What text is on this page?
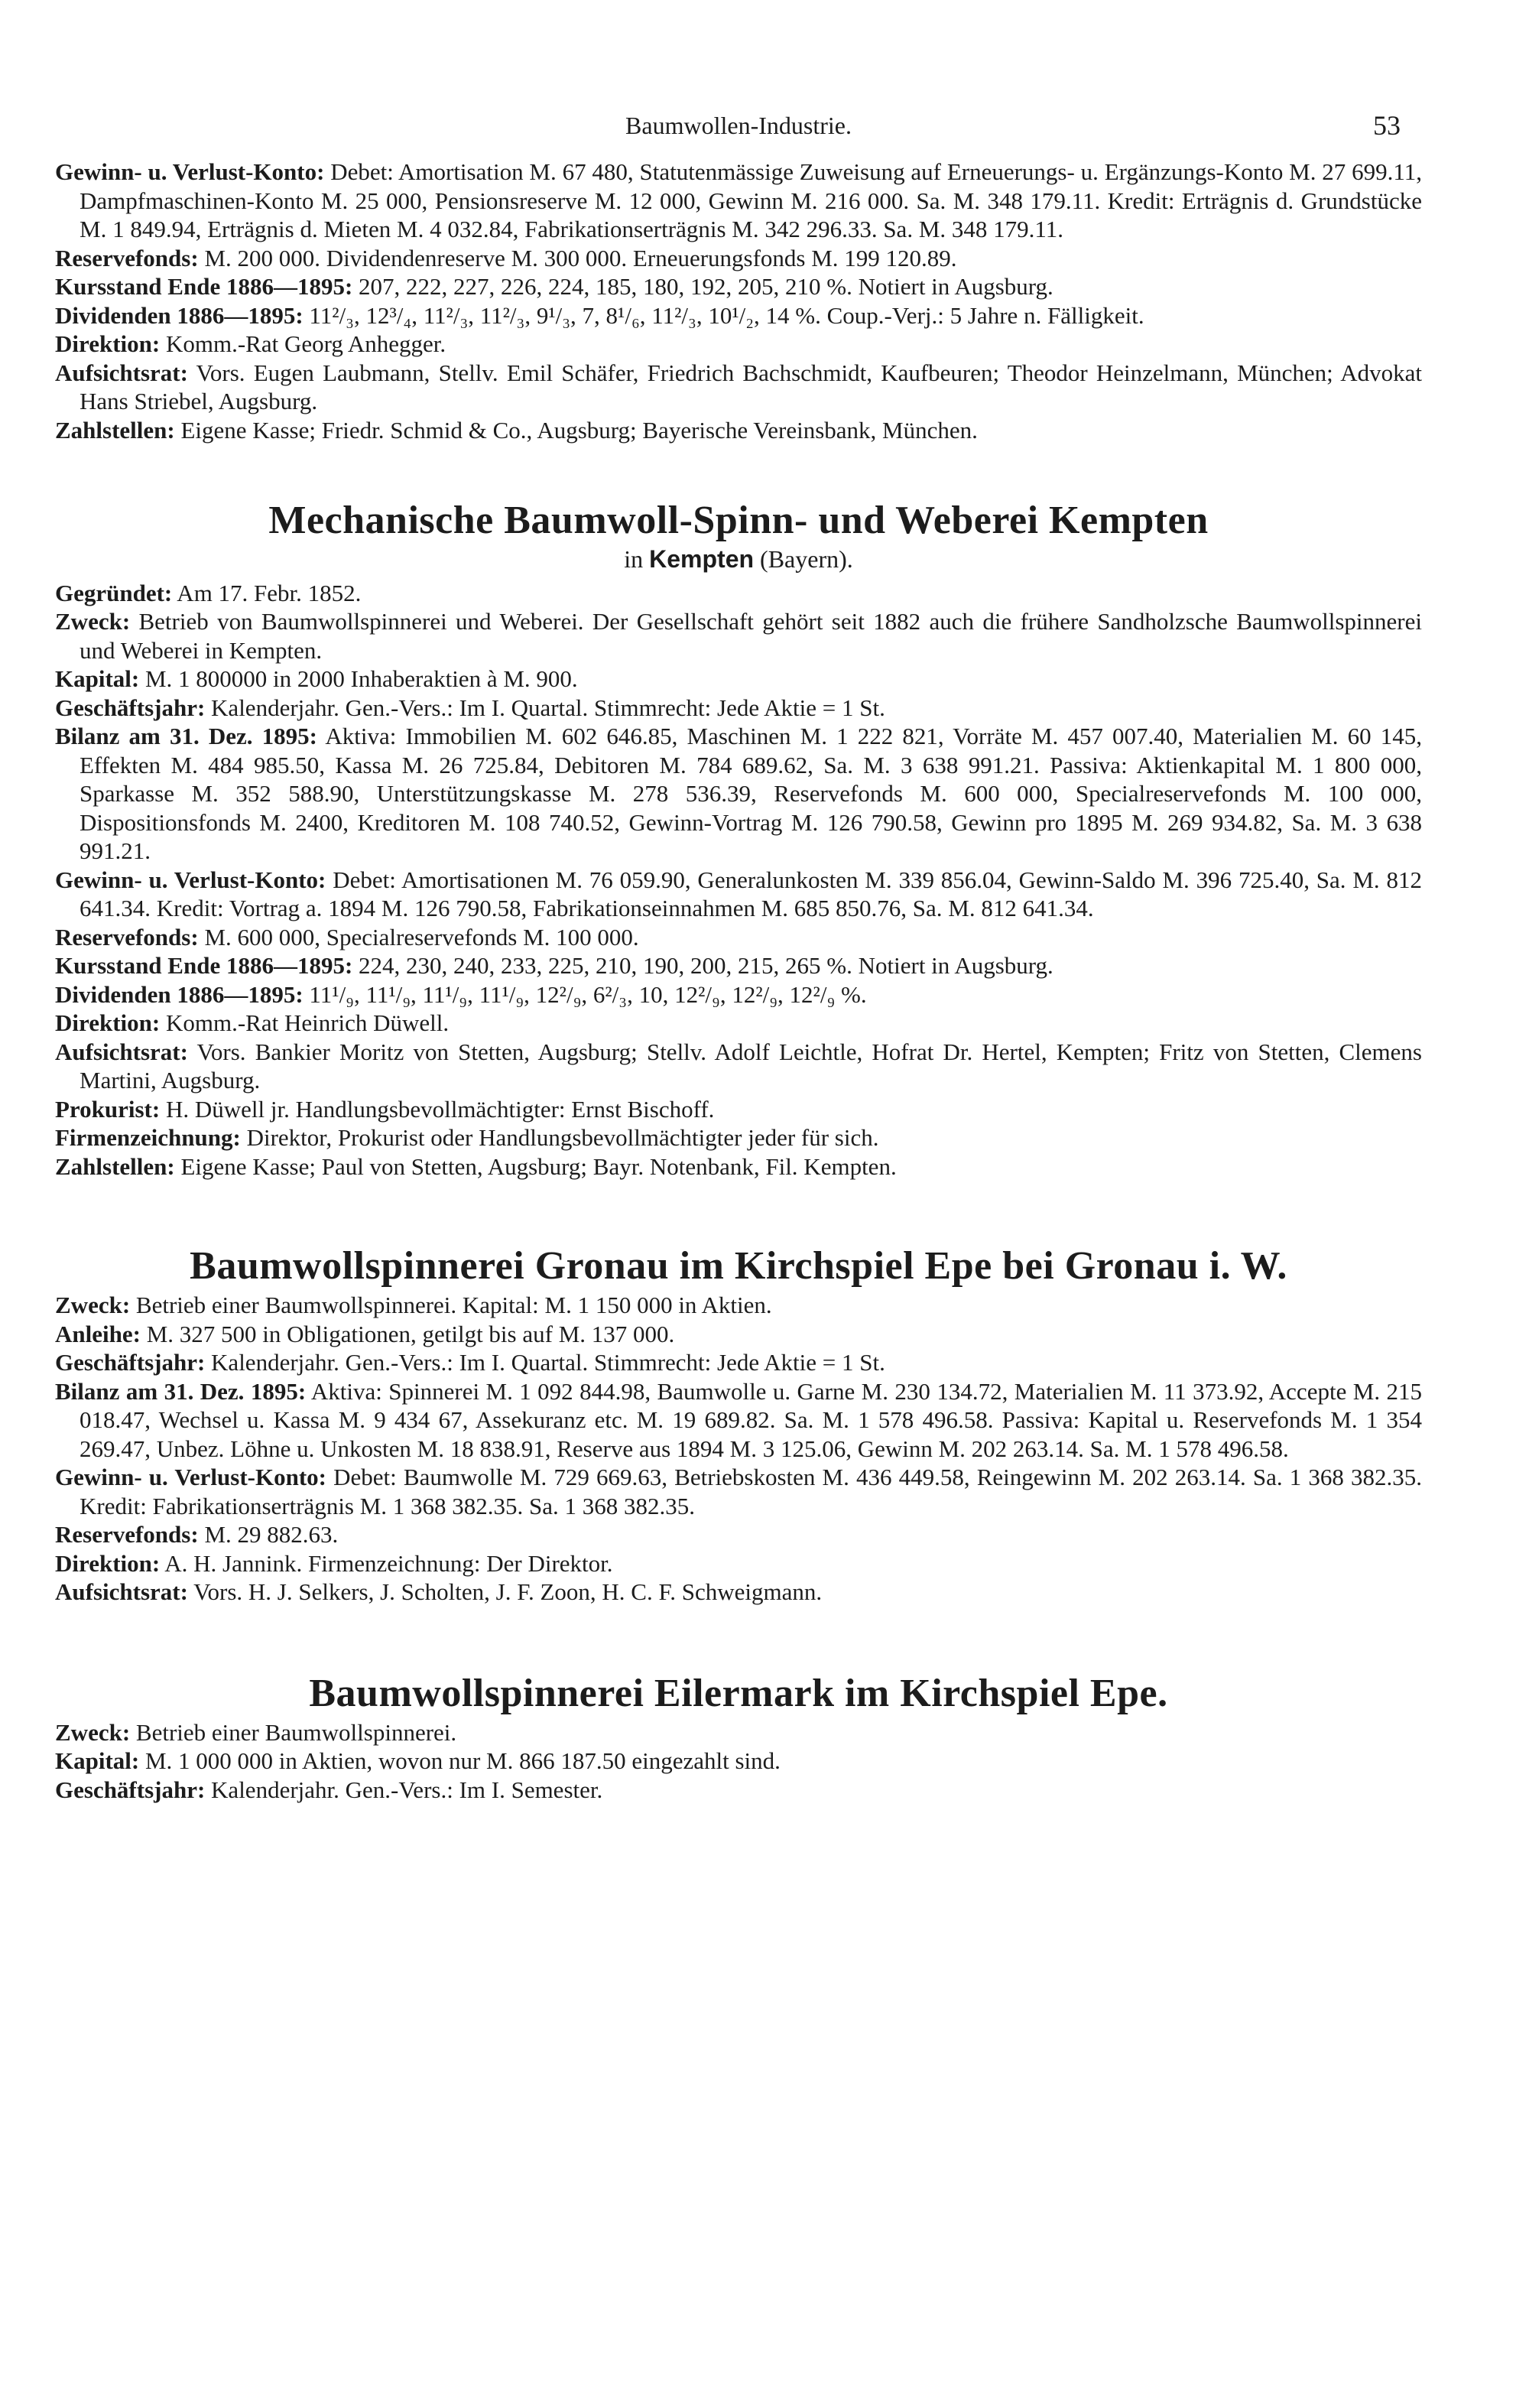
Baumwollen-Industrie.	53

Gewinn- u. Verlust-Konto: Debet: Amortisation M. 67 480, Statutenmässige Zuweisung auf Erneuerungs- u. Ergänzungs-Konto M. 27 699.11, Dampfmaschinen-Konto M. 25 000, Pensionsreserve M. 12 000, Gewinn M. 216 000. Sa. M. 348 179.11. Kredit: Erträgnis d. Grundstücke M. 1 849.94, Erträgnis d. Mieten M. 4 032.84, Fabrikationserträgnis M. 342 296.33. Sa. M. 348 179.11.

Reservefonds: M. 200 000. Dividendenreserve M. 300 000. Erneuerungsfonds M. 199 120.89.

Kursstand Ende 1886—1895: 207, 222, 227, 226, 224, 185, 180, 192, 205, 210 %. Notiert in Augsburg.

Dividenden 1886—1895: 11²/₃, 12³/₄, 11²/₃, 11²/₃, 9¹/₃, 7, 8¹/₆, 11²/₃, 10¹/₂, 14 %. Coup.-Verj.: 5 Jahre n. Fälligkeit.

Direktion: Komm.-Rat Georg Anhegger.

Aufsichtsrat: Vors. Eugen Laubmann, Stellv. Emil Schäfer, Friedrich Bachschmidt, Kaufbeuren; Theodor Heinzelmann, München; Advokat Hans Striebel, Augsburg.

Zahlstellen: Eigene Kasse; Friedr. Schmid & Co., Augsburg; Bayerische Vereinsbank, München.

Mechanische Baumwoll-Spinn- und Weberei Kempten

in Kempten (Bayern).

Gegründet: Am 17. Febr. 1852.

Zweck: Betrieb von Baumwollspinnerei und Weberei. Der Gesellschaft gehört seit 1882 auch die frühere Sandholzsche Baumwollspinnerei und Weberei in Kempten.

Kapital: M. 1 800000 in 2000 Inhaberaktien à M. 900.

Geschäftsjahr: Kalenderjahr. Gen.-Vers.: Im I. Quartal. Stimmrecht: Jede Aktie = 1 St.

Bilanz am 31. Dez. 1895: Aktiva: Immobilien M. 602 646.85, Maschinen M. 1 222 821, Vorräte M. 457 007.40, Materialien M. 60 145, Effekten M. 484 985.50, Kassa M. 26 725.84, Debitoren M. 784 689.62, Sa. M. 3 638 991.21. Passiva: Aktienkapital M. 1 800 000, Sparkasse M. 352 588.90, Unterstützungskasse M. 278 536.39, Reservefonds M. 600 000, Specialreservefonds M. 100 000, Dispositionsfonds M. 2400, Kreditoren M. 108 740.52, Gewinn-Vortrag M. 126 790.58, Gewinn pro 1895 M. 269 934.82, Sa. M. 3 638 991.21.

Gewinn- u. Verlust-Konto: Debet: Amortisationen M. 76 059.90, Generalunkosten M. 339 856.04, Gewinn-Saldo M. 396 725.40, Sa. M. 812 641.34. Kredit: Vortrag a. 1894 M. 126 790.58, Fabrikationseinnahmen M. 685 850.76, Sa. M. 812 641.34.

Reservefonds: M. 600 000, Specialreservefonds M. 100 000.

Kursstand Ende 1886—1895: 224, 230, 240, 233, 225, 210, 190, 200, 215, 265 %. Notiert in Augsburg.

Dividenden 1886—1895: 11¹/₉, 11¹/₉, 11¹/₉, 11¹/₉, 12²/₉, 6²/₃, 10, 12²/₉, 12²/₉, 12²/₉ %.

Direktion: Komm.-Rat Heinrich Düwell.

Aufsichtsrat: Vors. Bankier Moritz von Stetten, Augsburg; Stellv. Adolf Leichtle, Hofrat Dr. Hertel, Kempten; Fritz von Stetten, Clemens Martini, Augsburg.

Prokurist: H. Düwell jr. Handlungsbevollmächtigter: Ernst Bischoff.

Firmenzeichnung: Direktor, Prokurist oder Handlungsbevollmächtigter jeder für sich.

Zahlstellen: Eigene Kasse; Paul von Stetten, Augsburg; Bayr. Notenbank, Fil. Kempten.

Baumwollspinnerei Gronau im Kirchspiel Epe bei Gronau i. W.

Zweck: Betrieb einer Baumwollspinnerei. Kapital: M. 1 150 000 in Aktien.

Anleihe: M. 327 500 in Obligationen, getilgt bis auf M. 137 000.

Geschäftsjahr: Kalenderjahr. Gen.-Vers.: Im I. Quartal. Stimmrecht: Jede Aktie = 1 St.

Bilanz am 31. Dez. 1895: Aktiva: Spinnerei M. 1 092 844.98, Baumwolle u. Garne M. 230 134.72, Materialien M. 11 373.92, Accepte M. 215 018.47, Wechsel u. Kassa M. 9 434 67, Assekuranz etc. M. 19 689.82. Sa. M. 1 578 496.58. Passiva: Kapital u. Reservefonds M. 1 354 269.47, Unbez. Löhne u. Unkosten M. 18 838.91, Reserve aus 1894 M. 3 125.06, Gewinn M. 202 263.14. Sa. M. 1 578 496.58.

Gewinn- u. Verlust-Konto: Debet: Baumwolle M. 729 669.63, Betriebskosten M. 436 449.58, Reingewinn M. 202 263.14. Sa. 1 368 382.35. Kredit: Fabrikationserträgnis M. 1 368 382.35. Sa. 1 368 382.35.

Reservefonds: M. 29 882.63.

Direktion: A. H. Jannink. Firmenzeichnung: Der Direktor.

Aufsichtsrat: Vors. H. J. Selkers, J. Scholten, J. F. Zoon, H. C. F. Schweigmann.

Baumwollspinnerei Eilermark im Kirchspiel Epe.

Zweck: Betrieb einer Baumwollspinnerei.

Kapital: M. 1 000 000 in Aktien, wovon nur M. 866 187.50 eingezahlt sind.

Geschäftsjahr: Kalenderjahr. Gen.-Vers.: Im I. Semester.
